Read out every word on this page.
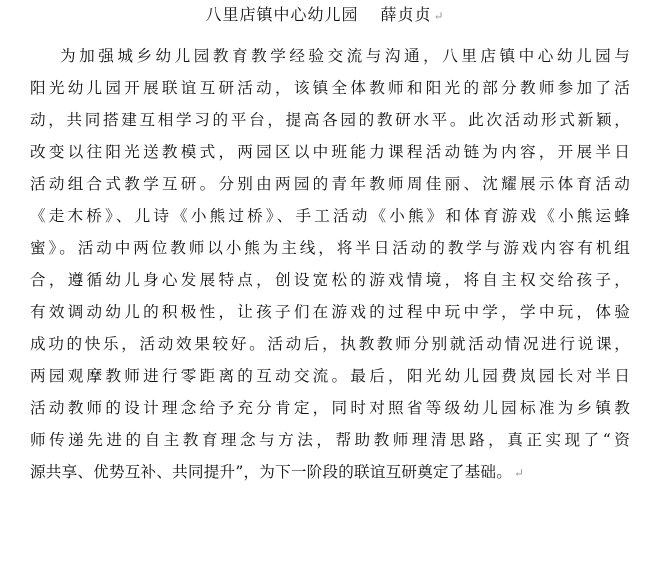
八里店镇中心幼儿园 薛贞贞 ↵
为加强城乡幼儿园教育教学经验交流与沟通，八里店镇中心幼儿园与
阳光幼儿园开展联谊互研活动，该镇全体教师和阳光的部分教师参加了活
动，共同搭建互相学习的平台，提高各园的教研水平。此次活动形式新颖，
改变以往阳光送教模式，两园区以中班能力课程活动链为内容，开展半日
活动组合式教学互研。分别由两园的青年教师周佳丽、沈耀展示体育活动
《走木桥》、儿诗《小熊过桥》、手工活动《小熊》和体育游戏《小熊运蜂
蜜》。活动中两位教师以小熊为主线，将半日活动的教学与游戏内容有机组
合，遵循幼儿身心发展特点，创设宽松的游戏情境，将自主权交给孩子，
有效调动幼儿的积极性，让孩子们在游戏的过程中玩中学，学中玩，体验
成功的快乐，活动效果较好。活动后，执教教师分别就活动情况进行说课，
两园观摩教师进行零距离的互动交流。最后，阳光幼儿园费岚园长对半日
活动教师的设计理念给予充分肯定，同时对照省等级幼儿园标准为乡镇教
师传递先进的自主教育理念与方法，帮助教师理清思路，真正实现了“资
源共享、优势互补、共同提升”，为下一阶段的联谊互研奠定了基础。 ↵
